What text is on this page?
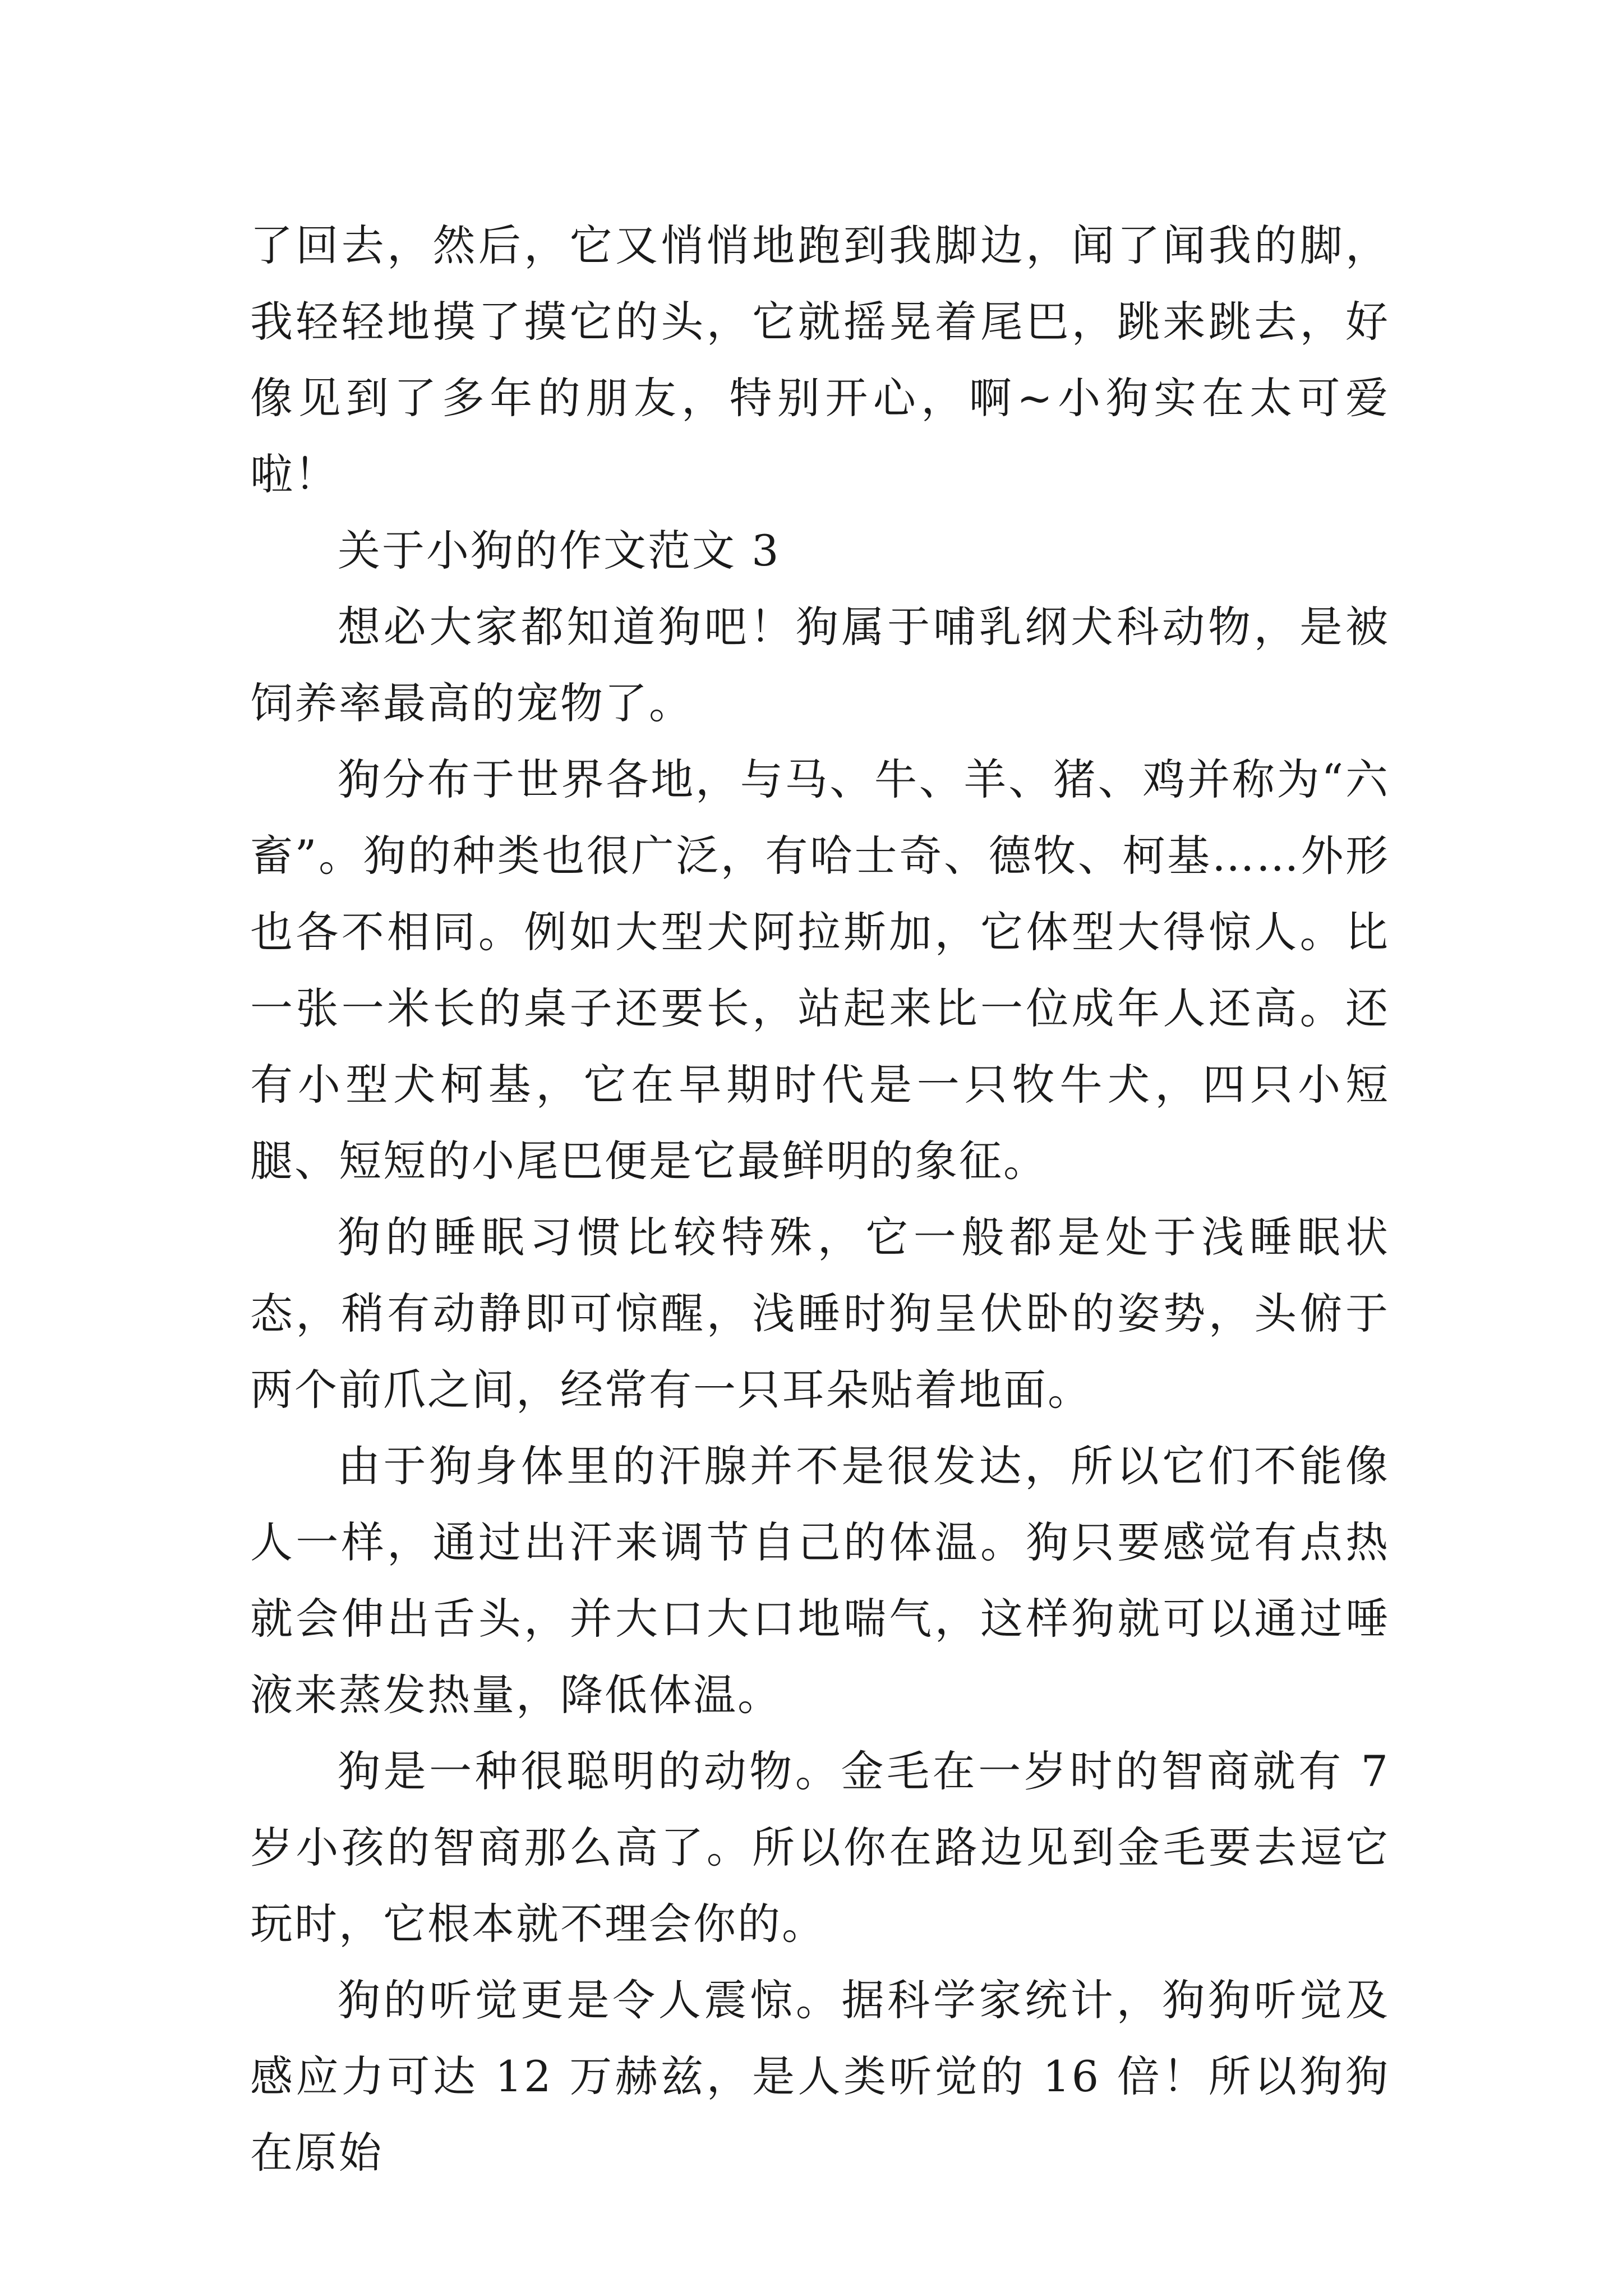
了回去，然后，它又悄悄地跑到我脚边，闻了闻我的脚，我轻轻地摸了摸它的头，它就摇晃着尾巴，跳来跳去，好像见到了多年的朋友，特别开心，啊~小狗实在太可爱啦！

关于小狗的作文范文 3

想必大家都知道狗吧！狗属于哺乳纲犬科动物，是被饲养率最高的宠物了。

狗分布于世界各地，与马、牛、羊、猪、鸡并称为“六畜”。狗的种类也很广泛，有哈士奇、德牧、柯基……外形也各不相同。例如大型犬阿拉斯加，它体型大得惊人。比一张一米长的桌子还要长，站起来比一位成年人还高。还有小型犬柯基，它在早期时代是一只牧牛犬，四只小短腿、短短的小尾巴便是它最鲜明的象征。

狗的睡眠习惯比较特殊，它一般都是处于浅睡眠状态，稍有动静即可惊醒，浅睡时狗呈伏卧的姿势，头俯于两个前爪之间，经常有一只耳朵贴着地面。

由于狗身体里的汗腺并不是很发达，所以它们不能像人一样，通过出汗来调节自己的体温。狗只要感觉有点热就会伸出舌头，并大口大口地喘气，这样狗就可以通过唾液来蒸发热量，降低体温。

狗是一种很聪明的动物。金毛在一岁时的智商就有 7 岁小孩的智商那么高了。所以你在路边见到金毛要去逗它玩时，它根本就不理会你的。

狗的听觉更是令人震惊。据科学家统计，狗狗听觉及感应力可达 12 万赫兹，是人类听觉的 16 倍！所以狗狗在原始
